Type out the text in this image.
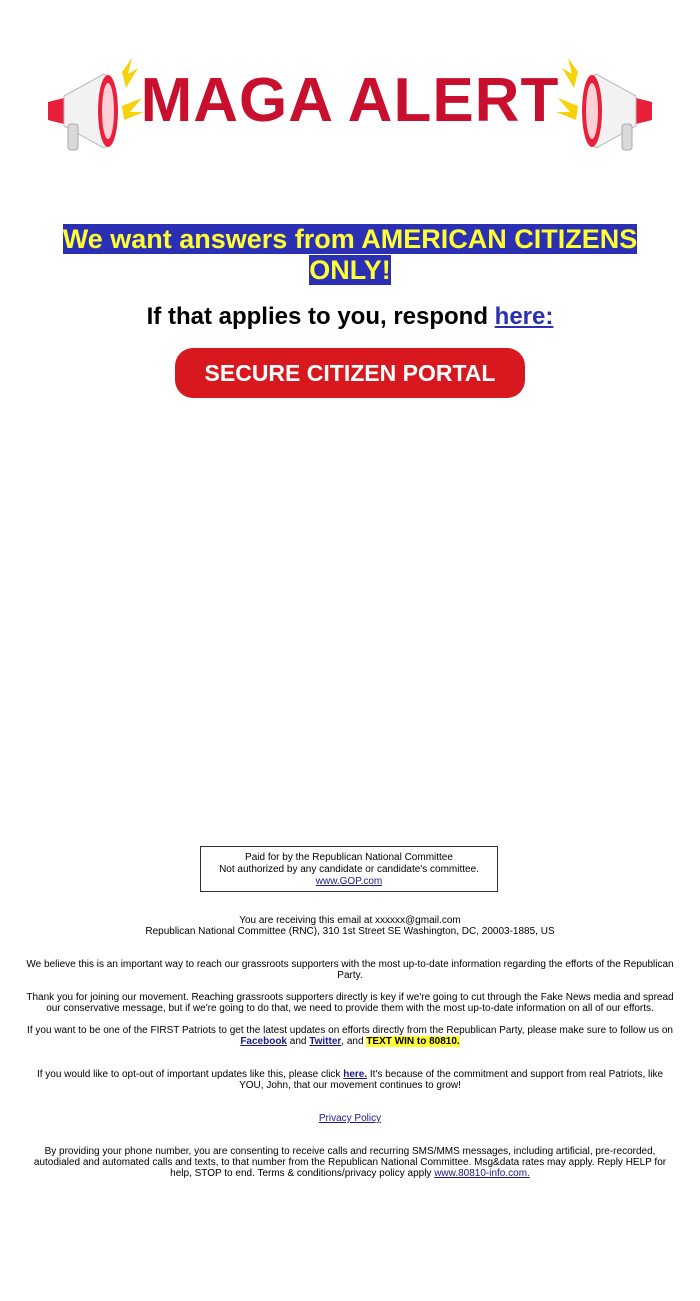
MAGA ALERT
We want answers from AMERICAN CITIZENS ONLY!
If that applies to you, respond here:
SECURE CITIZEN PORTAL
Paid for by the Republican National Committee
Not authorized by any candidate or candidate's committee.
www.GOP.com
You are receiving this email at xxxxxx@gmail.com
Republican National Committee (RNC), 310 1st Street SE Washington, DC, 20003-1885, US
We believe this is an important way to reach our grassroots supporters with the most up-to-date information regarding the efforts of the Republican Party.
Thank you for joining our movement. Reaching grassroots supporters directly is key if we're going to cut through the Fake News media and spread our conservative message, but if we're going to do that, we need to provide them with the most up-to-date information on all of our efforts.
If you want to be one of the FIRST Patriots to get the latest updates on efforts directly from the Republican Party, please make sure to follow us on Facebook and Twitter, and TEXT WIN to 80810.
If you would like to opt-out of important updates like this, please click here. It's because of the commitment and support from real Patriots, like YOU, John, that our movement continues to grow!
Privacy Policy
By providing your phone number, you are consenting to receive calls and recurring SMS/MMS messages, including artificial, pre-recorded, autodialed and automated calls and texts, to that number from the Republican National Committee. Msg&data rates may apply. Reply HELP for help, STOP to end. Terms & conditions/privacy policy apply www.80810-info.com.
